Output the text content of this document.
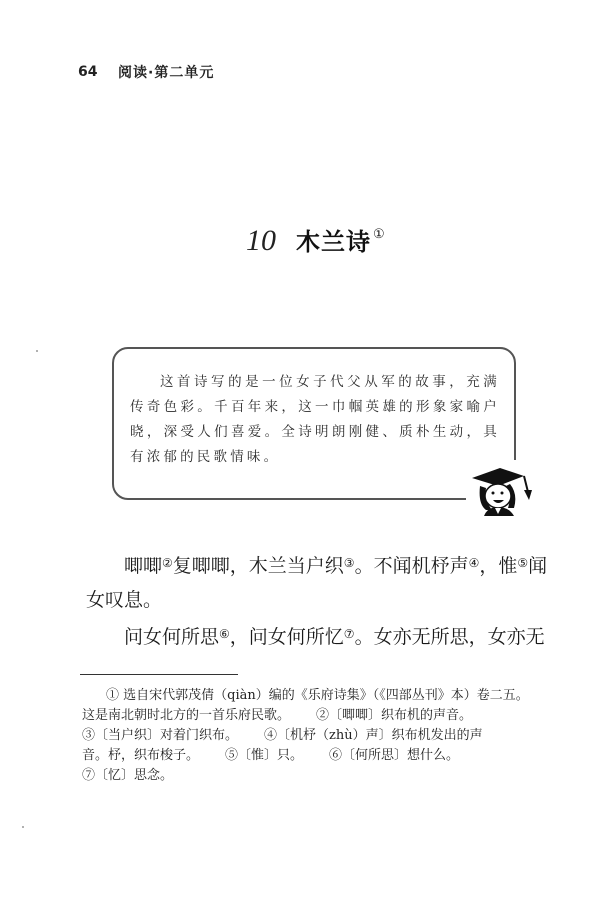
64	阅读·第二单元
10 木兰诗 ①
这首诗写的是一位女子代父从军的故事，充满传奇色彩。千百年来，这一巾帼英雄的形象家喻户晓，深受人们喜爱。全诗明朗刚健、质朴生动，具有浓郁的民歌情味。

唧唧②复唧唧，木兰当户织③。不闻机杼声④，惟⑤闻女叹息。

问女何所思⑥，问女何所忆⑦。女亦无所思，女亦无

① 选自宋代郭茂倩（qiàn）编的《乐府诗集》（《四部丛刊》本）卷二五。
这是南北朝时北方的一首乐府民歌。 ②〔唧唧〕织布机的声音。
③〔当户织〕对着门织布。 ④〔机杼（zhù）声〕织布机发出的声
音。杼，织布梭子。 ⑤〔惟〕只。 ⑥〔何所思〕想什么。
⑦〔忆〕思念。
